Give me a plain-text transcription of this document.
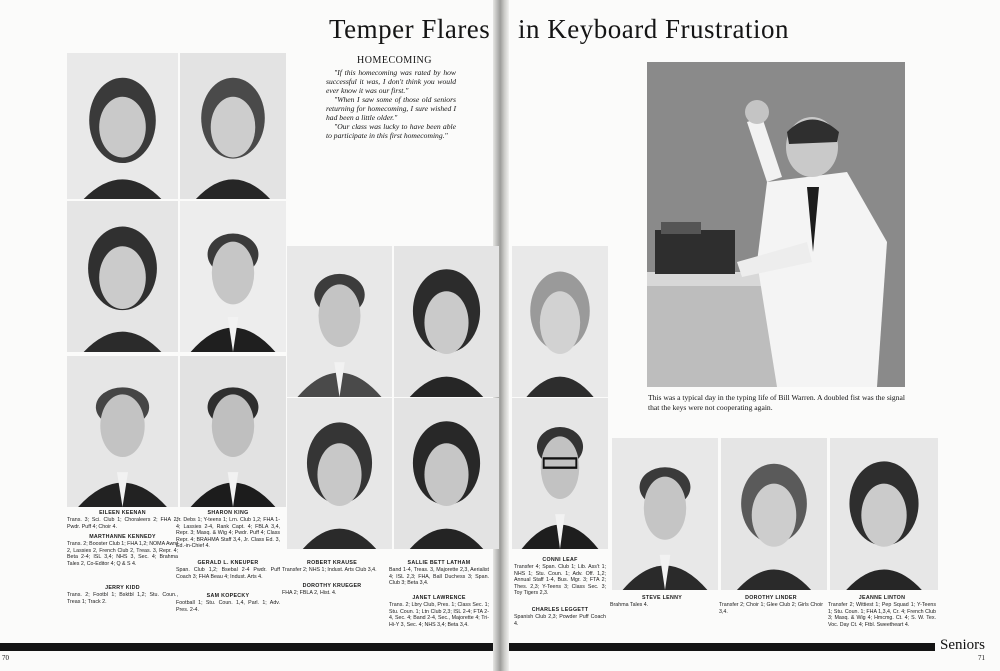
Temper Flares in Keyboard Frustration
HOMECOMING

"If this homecoming was rated by how successful it was, I don't think you would ever know it was our first."

"When I saw some of those old seniors returning for homecoming, I sure wished I had been a little older."

"Our class was lucky to have been able to participate in this first homecoming."

This was a typical day in the typing life of Bill Warren. A doubled fist was the signal that the keys were not cooperating again.
EILEEN KEENAN
Trans. 3; Sci. Club 1; Choraleers 2; FHA 2; Pwdr. Puff 4; Choir 4.
MARTHANNE KENNEDY
Trans. 2; Booster Club 1; FHA 1,2; NOMA Awrd 2, Lassies 2, French Club 2, Treas. 3, Repr. 4; Beta 2-4; ISL 3,4; NHS 3, Sec. 4; Brahma Tales 2, Co-Editor 4; Q & S 4.
JERRY KIDD
Trans. 2; Footbl 1; Bsktbl 1,2; Stu. Coun., Treas 1; Track 2.
SHARON KING
Jr. Debs 1; Y-teens 1; Lrn. Club 1,2; FHA 1-4; Lassies 2-4, Rank Capt. 4; FBLA 3,4, Repr. 3; Masq. & Wig 4; Pwdr. Puff 4; Class Repr. 4; BRAHMA Staff 3,4, Jr. Class Ed. 3, Ed.-in-Chief 4.
GERALD L. KNEUPER
Span. Club 1,2; Bsebal 2-4 Pwdr. Puff Coach 3; FHA Beau 4; Indust. Arts 4.
SAM KOPECKY
Football 1; Stu. Coun. 1,4, Parl. 1; Adv. Pres. 2-4.
ROBERT KRAUSE
Transfer 2; NHS 1; Indust. Arts Club 3,4.
DOROTHY KRUEGER
FHA 2; FBLA 2, Hist. 4.
SALLIE BETT LATHAM
Band 1-4, Treas. 3, Majorette 2,3, Aerialist 4; ISL 2,3; FHA, Ball Duchess 3; Span. Club 3; Beta 3,4.
JANET LAWRENCE
Trans. 2; Lbry Club, Pres. 1; Class Sec. 1; Stu. Coun. 1; Ltn Club 2,3; ISL 2-4; FTA 2-4, Sec. 4; Band 2-4, Sec., Majorette 4; Tri-Hi-Y 3, Sec. 4; NHS 3,4; Beta 3,4.
CONNI LEAF
Transfer 4; Span. Club 1; Lib. Ass't 1; NHS 1; Stu. Coun. 1; Adv. Off. 1,2; Annual Staff 1-4, Bus. Mgr. 3; FTA 2; Thes. 2,3; Y-Teens 3; Class Sec. 3; Toy Tigers 2,3.
CHARLES LEGGETT
Spanish Club 2,3; Powder Puff Coach 4.
STEVE LENNY
Brahma Tales 4.
DOROTHY LINDER
Transfer 2; Choir 1; Glee Club 2; Girls Choir 3,4.
JEANNE LINTON
Transfer 2; Wittiest 1; Pep Squad 1; Y-Teens 1; Stu. Coun. 1; FHA 1,3,4, Cr. 4; French Club 3; Masq. & Wig 4; Hmcmg. Ct. 4; S. W. Tex. Voc. Day Ct. 4; Ftbl. Sweetheart 4.
Seniors
70	71
